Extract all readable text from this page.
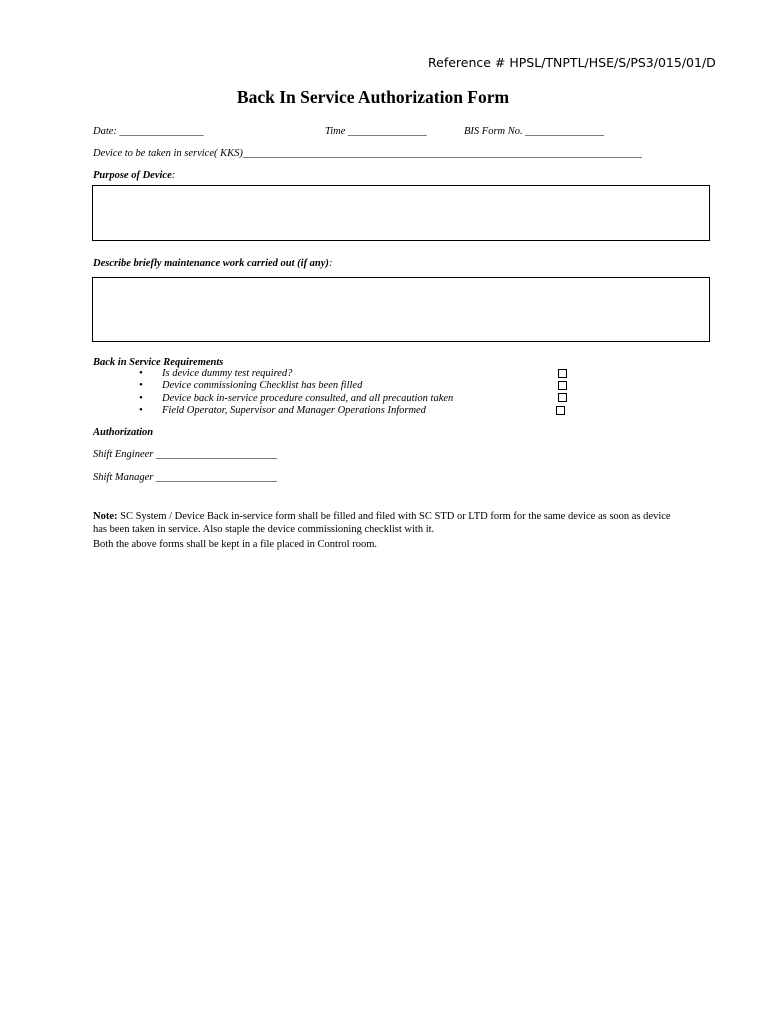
Reference # HPSL/TNPTL/HSE/S/PS3/015/01/D
Back In Service Authorization Form
Date: ________________	Time _______________	BIS Form No. _______________
Device to be taken in service( KKS)____________________________________________________________________________
Purpose of Device:
Describe briefly maintenance work carried out (if any):
Back in Service Requirements
• Is device dummy test required?
• Device commissioning Checklist has been filled
• Device back in-service procedure consulted, and all precaution taken
• Field Operator, Supervisor and Manager Operations Informed
Authorization
Shift Engineer _______________________
Shift Manager _______________________
Note: SC System / Device Back in-service form shall be filled and filed with SC STD or LTD form for the same device as soon as device has been taken in service. Also staple the device commissioning checklist with it.
Both the above forms shall be kept in a file placed in Control room.
